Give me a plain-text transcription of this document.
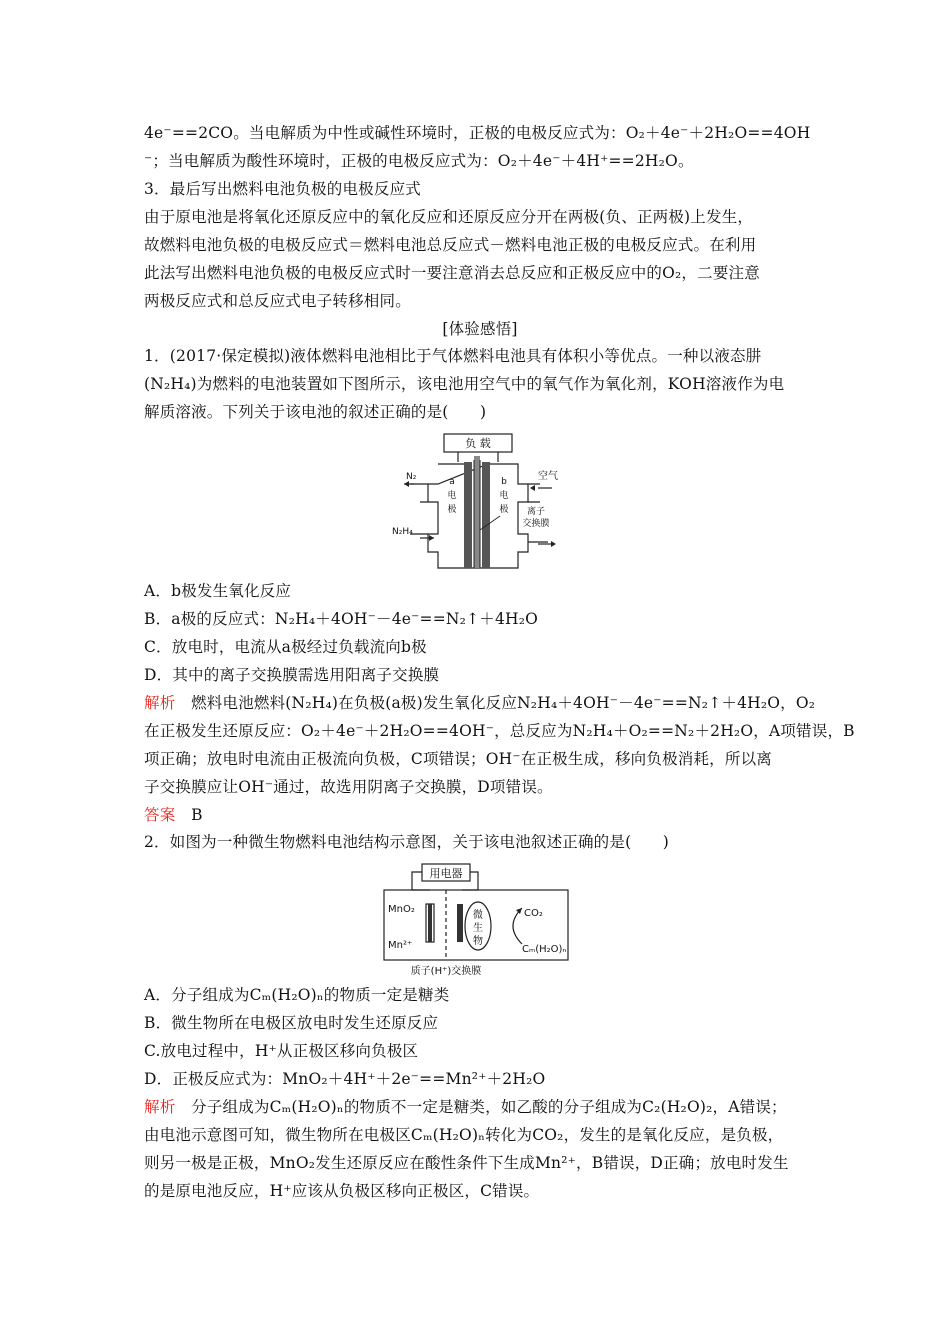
4e⁻==2CO。当电解质为中性或碱性环境时，正极的电极反应式为：O₂＋4e⁻＋2H₂O==4OH
⁻；当电解质为酸性环境时，正极的电极反应式为：O₂＋4e⁻＋4H⁺==2H₂O。
3．最后写出燃料电池负极的电极反应式
由于原电池是将氧化还原反应中的氧化反应和还原反应分开在两极(负、正两极)上发生，
故燃料电池负极的电极反应式＝燃料电池总反应式－燃料电池正极的电极反应式。在利用
此法写出燃料电池负极的电极反应式时一要注意消去总反应和正极反应中的O₂，二要注意
两极反应式和总反应式电子转移相同。
[体验感悟]
1．(2017·保定模拟)液体燃料电池相比于气体燃料电池具有体积小等优点。一种以液态肼
(N₂H₄)为燃料的电池装置如下图所示，该电池用空气中的氧气作为氧化剂，KOH溶液作为电
解质溶液。下列关于该电池的叙述正确的是(　　)
负 载
N₂	空气
N₂H₄
a
电
极
b
电
极 离子
交换膜
A．b极发生氧化反应
B．a极的反应式：N₂H₄＋4OH⁻－4e⁻==N₂↑＋4H₂O
C．放电时，电流从a极经过负载流向b极
D．其中的离子交换膜需选用阳离子交换膜
解析　 燃料电池燃料(N₂H₄)在负极(a极)发生氧化反应N₂H₄＋4OH⁻－4e⁻==N₂↑＋4H₂O，O₂
在正极发生还原反应：O₂＋4e⁻＋2H₂O==4OH⁻，总反应为N₂H₄＋O₂==N₂＋2H₂O，A项错误，B
项正确；放电时电流由正极流向负极，C项错误；OH⁻在正极生成，移向负极消耗，所以离
子交换膜应让OH⁻通过，故选用阴离子交换膜，D项错误。
答案　 B
2．如图为一种微生物燃料电池结构示意图，关于该电池叙述正确的是(　　)
用电器
MnO₂
Mn²⁺
微
生
物
CO₂
Cₘ(H₂O)ₙ
质子(H⁺)交换膜
A．分子组成为Cₘ(H₂O)ₙ的物质一定是糖类
B．微生物所在电极区放电时发生还原反应
C.放电过程中，H⁺从正极区移向负极区
D．正极反应式为：MnO₂＋4H⁺＋2e⁻==Mn²⁺＋2H₂O
解析　 分子组成为Cₘ(H₂O)ₙ的物质不一定是糖类，如乙酸的分子组成为C₂(H₂O)₂，A错误；
由电池示意图可知，微生物所在电极区Cₘ(H₂O)ₙ转化为CO₂，发生的是氧化反应，是负极，
则另一极是正极，MnO₂发生还原反应在酸性条件下生成Mn²⁺，B错误，D正确；放电时发生
的是原电池反应，H⁺应该从负极区移向正极区，C错误。
